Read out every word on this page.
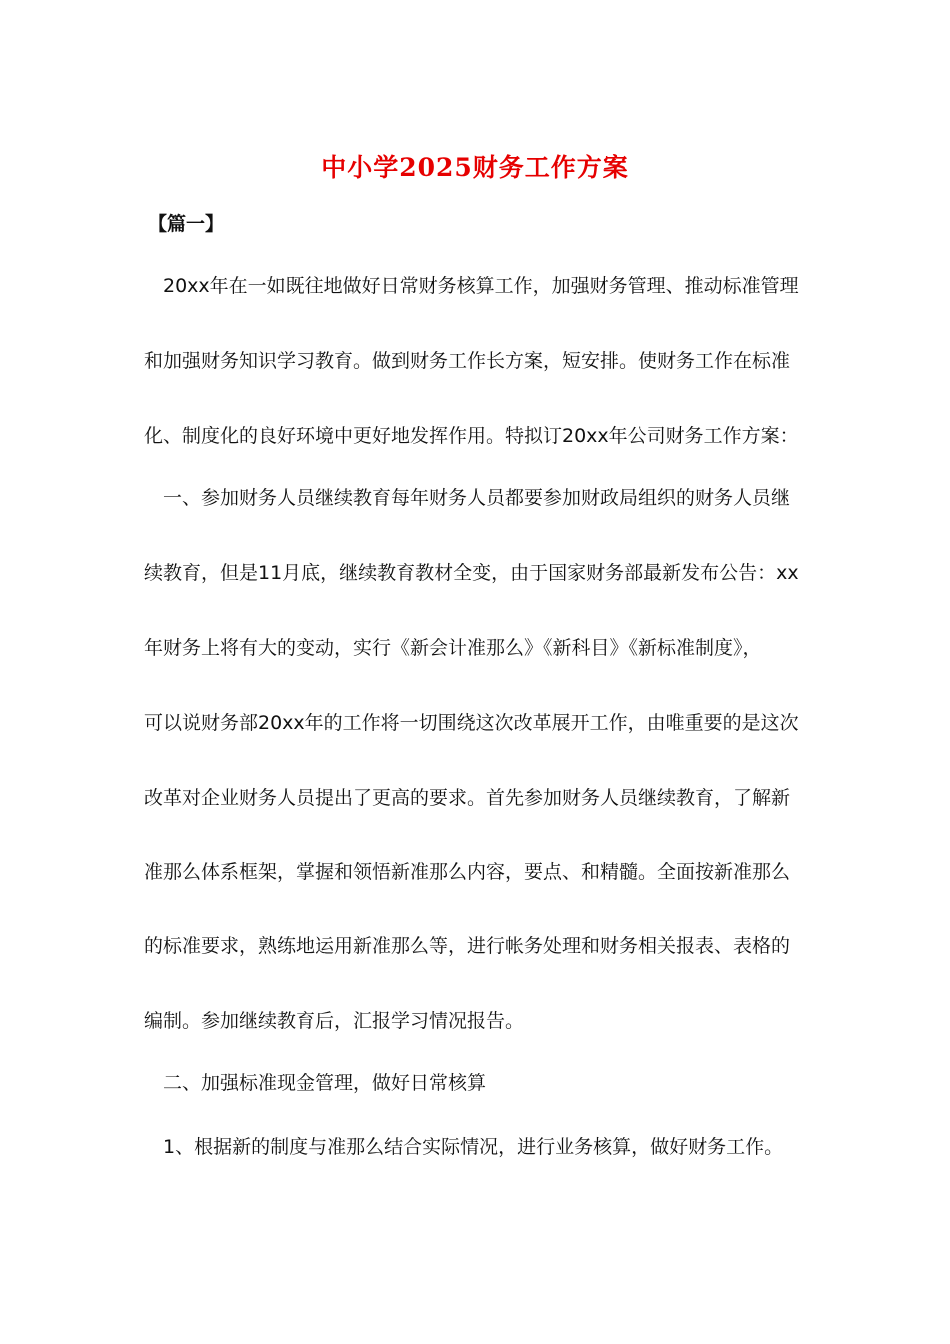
中小学2025财务工作方案
【篇一】
20xx年在一如既往地做好日常财务核算工作，加强财务管理、推动标准管理
和加强财务知识学习教育。做到财务工作长方案，短安排。使财务工作在标准
化、制度化的良好环境中更好地发挥作用。特拟订20xx年公司财务工作方案：
一、参加财务人员继续教育每年财务人员都要参加财政局组织的财务人员继
续教育，但是11月底，继续教育教材全变，由于国家财务部最新发布公告：xx
年财务上将有大的变动，实行《新会计准那么》《新科目》《新标准制度》，
可以说财务部20xx年的工作将一切围绕这次改革展开工作，由唯重要的是这次
改革对企业财务人员提出了更高的要求。首先参加财务人员继续教育，了解新
准那么体系框架，掌握和领悟新准那么内容，要点、和精髓。全面按新准那么
的标准要求，熟练地运用新准那么等，进行帐务处理和财务相关报表、表格的
编制。参加继续教育后，汇报学习情况报告。
二、加强标准现金管理，做好日常核算
1、根据新的制度与准那么结合实际情况，进行业务核算，做好财务工作。
